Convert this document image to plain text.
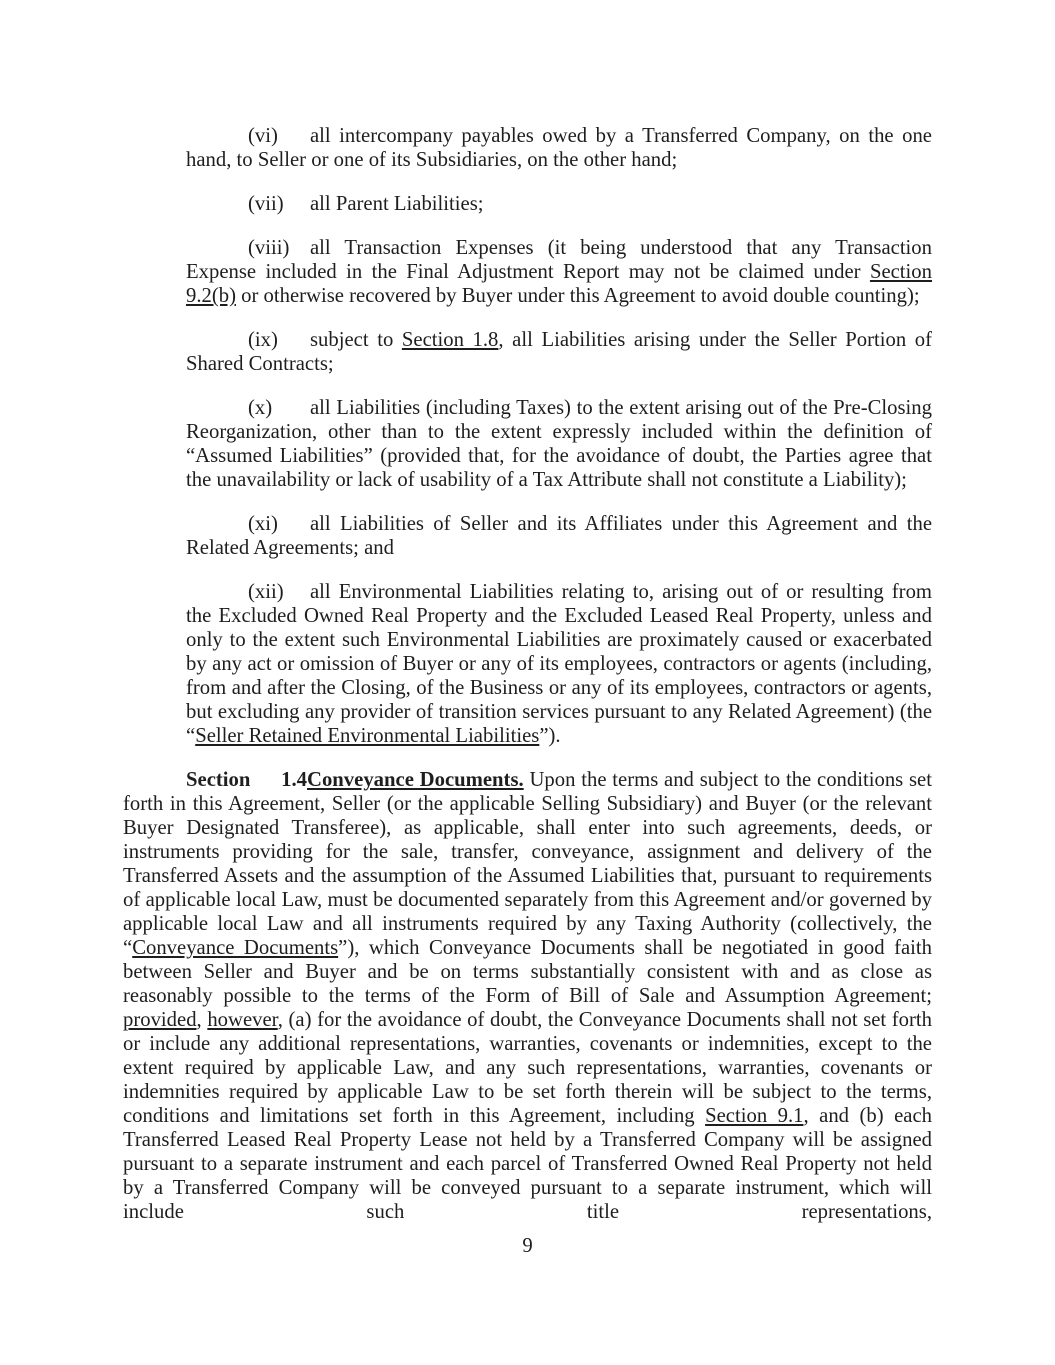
(vi) all intercompany payables owed by a Transferred Company, on the one hand, to Seller or one of its Subsidiaries, on the other hand;

(vii) all Parent Liabilities;

(viii) all Transaction Expenses (it being understood that any Transaction Expense included in the Final Adjustment Report may not be claimed under Section 9.2(b) or otherwise recovered by Buyer under this Agreement to avoid double counting);

(ix) subject to Section 1.8, all Liabilities arising under the Seller Portion of Shared Contracts;

(x) all Liabilities (including Taxes) to the extent arising out of the Pre-Closing Reorganization, other than to the extent expressly included within the definition of “Assumed Liabilities” (provided that, for the avoidance of doubt, the Parties agree that the unavailability or lack of usability of a Tax Attribute shall not constitute a Liability);

(xi) all Liabilities of Seller and its Affiliates under this Agreement and the Related Agreements; and

(xii) all Environmental Liabilities relating to, arising out of or resulting from the Excluded Owned Real Property and the Excluded Leased Real Property, unless and only to the extent such Environmental Liabilities are proximately caused or exacerbated by any act or omission of Buyer or any of its employees, contractors or agents (including, from and after the Closing, of the Business or any of its employees, contractors or agents, but excluding any provider of transition services pursuant to any Related Agreement) (the “Seller Retained Environmental Liabilities”).

Section 1.4Conveyance Documents. Upon the terms and subject to the conditions set forth in this Agreement, Seller (or the applicable Selling Subsidiary) and Buyer (or the relevant Buyer Designated Transferee), as applicable, shall enter into such agreements, deeds, or instruments providing for the sale, transfer, conveyance, assignment and delivery of the Transferred Assets and the assumption of the Assumed Liabilities that, pursuant to requirements of applicable local Law, must be documented separately from this Agreement and/or governed by applicable local Law and all instruments required by any Taxing Authority (collectively, the “Conveyance Documents”), which Conveyance Documents shall be negotiated in good faith between Seller and Buyer and be on terms substantially consistent with and as close as reasonably possible to the terms of the Form of Bill of Sale and Assumption Agreement; provided, however, (a) for the avoidance of doubt, the Conveyance Documents shall not set forth or include any additional representations, warranties, covenants or indemnities, except to the extent required by applicable Law, and any such representations, warranties, covenants or indemnities required by applicable Law to be set forth therein will be subject to the terms, conditions and limitations set forth in this Agreement, including Section 9.1, and (b) each Transferred Leased Real Property Lease not held by a Transferred Company will be assigned pursuant to a separate instrument and each parcel of Transferred Owned Real Property not held by a Transferred Company will be conveyed pursuant to a separate instrument, which will include such title representations,

9
